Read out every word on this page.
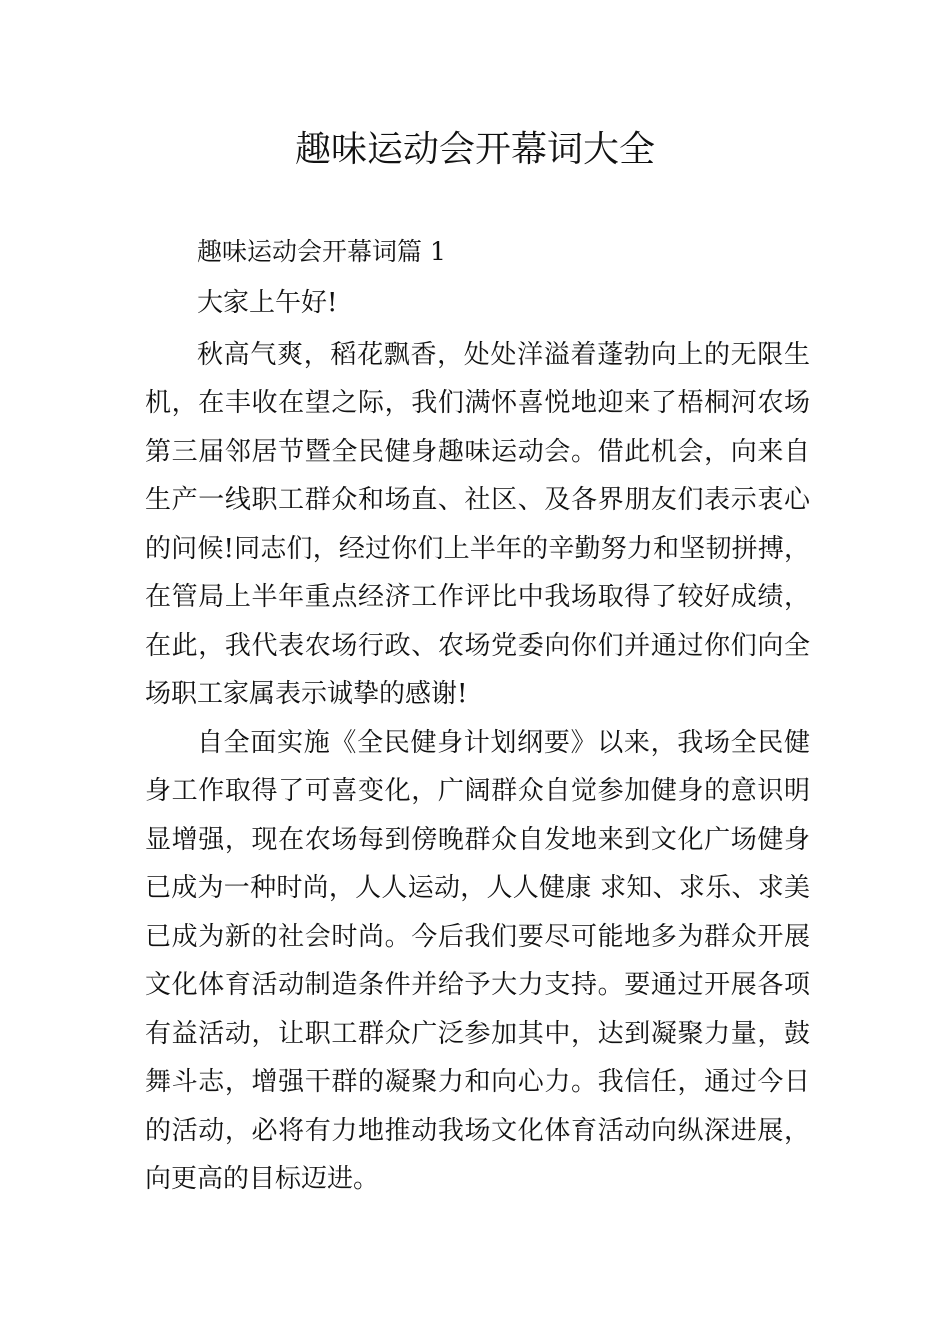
趣味运动会开幕词大全

趣味运动会开幕词篇 1

大家上午好!

秋高气爽，稻花飘香，处处洋溢着蓬勃向上的无限生机，在丰收在望之际，我们满怀喜悦地迎来了梧桐河农场第三届邻居节暨全民健身趣味运动会。借此机会，向来自生产一线职工群众和场直、社区、及各界朋友们表示衷心的问候!同志们，经过你们上半年的辛勤努力和坚韧拼搏，在管局上半年重点经济工作评比中我场取得了较好成绩，在此，我代表农场行政、农场党委向你们并通过你们向全场职工家属表示诚挚的感谢!

自全面实施《全民健身计划纲要》以来，我场全民健身工作取得了可喜变化，广阔群众自觉参加健身的意识明显增强，现在农场每到傍晚群众自发地来到文化广场健身已成为一种时尚，人人运动，人人健康 求知、求乐、求美已成为新的社会时尚。今后我们要尽可能地多为群众开展文化体育活动制造条件并给予大力支持。要通过开展各项有益活动，让职工群众广泛参加其中，达到凝聚力量，鼓舞斗志，增强干群的凝聚力和向心力。我信任，通过今日的活动，必将有力地推动我场文化体育活动向纵深进展，向更高的目标迈进。
